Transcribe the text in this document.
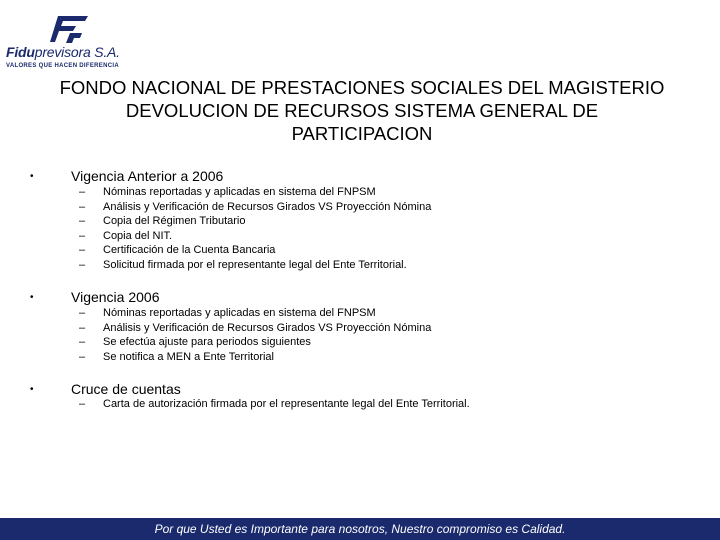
Fiduprevisora S.A.
VALORES QUE HACEN DIFERENCIA
FONDO NACIONAL DE PRESTACIONES SOCIALES DEL MAGISTERIO
DEVOLUCION DE RECURSOS SISTEMA GENERAL DE
PARTICIPACION
•	Vigencia Anterior a 2006
– Nóminas reportadas y aplicadas en sistema del FNPSM
– Análisis y Verificación de Recursos Girados VS Proyección Nómina
– Copia del Régimen Tributario
– Copia del NIT.
– Certificación de la Cuenta Bancaria
– Solicitud firmada por el representante legal del Ente Territorial.
•	Vigencia 2006
– Nóminas reportadas y aplicadas en sistema del FNPSM
– Análisis y Verificación de Recursos Girados VS Proyección Nómina
– Se efectúa ajuste para periodos siguientes
– Se notifica a MEN a Ente Territorial
•	Cruce de cuentas
– Carta de autorización firmada por el representante legal del Ente Territorial.
Por que Usted es Importante para nosotros, Nuestro compromiso es Calidad.
